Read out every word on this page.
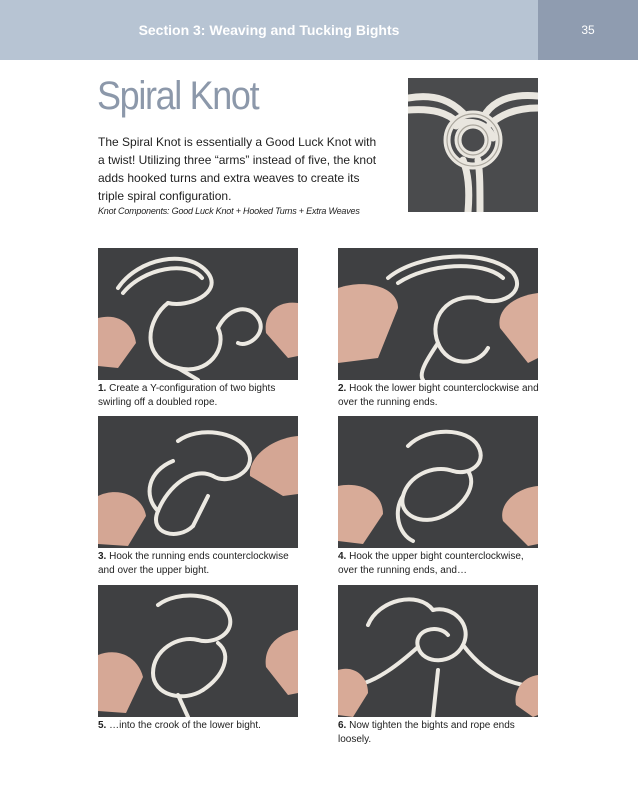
Section 3: Weaving and Tucking Bights	35
Spiral Knot
The Spiral Knot is essentially a Good Luck Knot with a twist! Utilizing three “arms” instead of five, the knot adds hooked turns and extra weaves to create its triple spiral configuration.
Knot Components: Good Luck Knot + Hooked Turns + Extra Weaves
1. Create a Y-configuration of two bights swirling off a doubled rope.
2. Hook the lower bight counterclockwise and over the running ends.
3. Hook the running ends counterclockwise and over the upper bight.
4. Hook the upper bight counterclockwise, over the running ends, and…
5. …into the crook of the lower bight.	6. Now tighten the bights and rope ends loosely.
